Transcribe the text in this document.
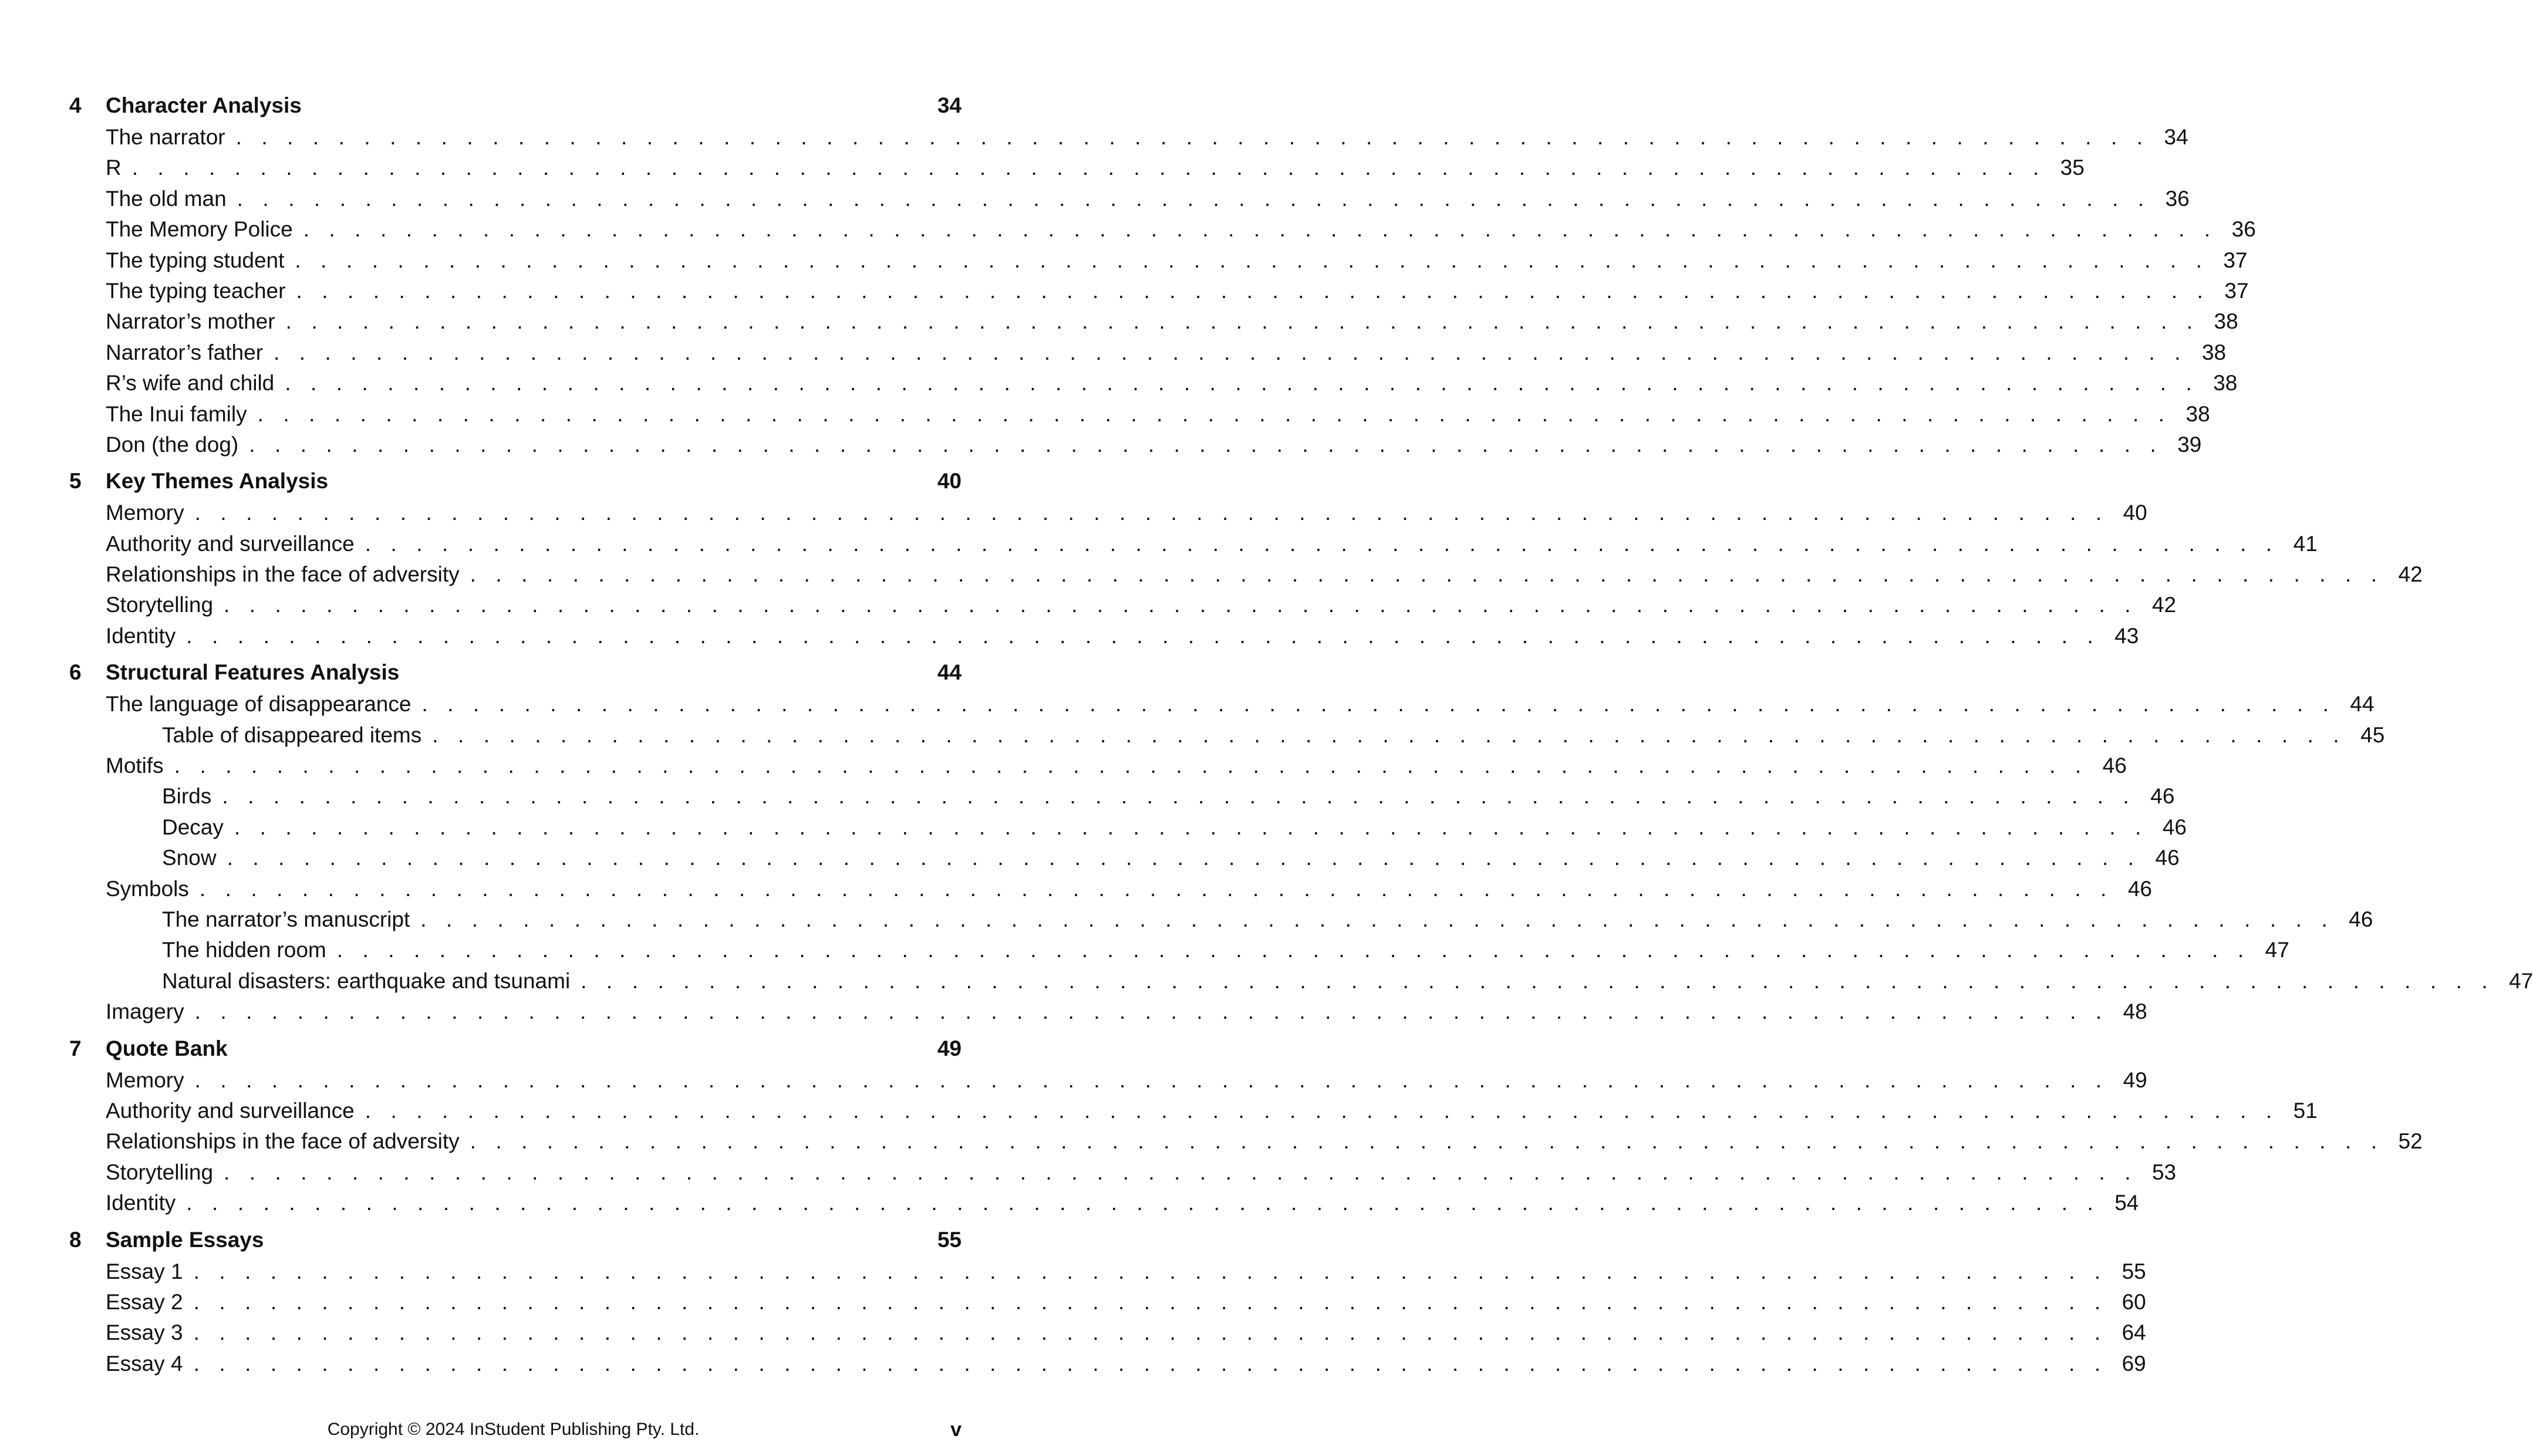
4	Character Analysis	34
The narrator . . . . . . . . . . . . . . . . . . . . . . . . . . . . . . . . . . . . . . . . . . . . . . . . . . . . . . . . . . . . . . . . . . . . . . . . . . . 34
R . . . . . . . . . . . . . . . . . . . . . . . . . . . . . . . . . . . . . . . . . . . . . . . . . . . . . . . . . . . . . . . . . . . . . . . . . . . 35
The old man . . . . . . . . . . . . . . . . . . . . . . . . . . . . . . . . . . . . . . . . . . . . . . . . . . . . . . . . . . . . . . . . . . . . . . . . . . . 36
The Memory Police . . . . . . . . . . . . . . . . . . . . . . . . . . . . . . . . . . . . . . . . . . . . . . . . . . . . . . . . . . . . . . . . . . . . . . . . . . . 36
The typing student . . . . . . . . . . . . . . . . . . . . . . . . . . . . . . . . . . . . . . . . . . . . . . . . . . . . . . . . . . . . . . . . . . . . . . . . . . . 37
The typing teacher . . . . . . . . . . . . . . . . . . . . . . . . . . . . . . . . . . . . . . . . . . . . . . . . . . . . . . . . . . . . . . . . . . . . . . . . . . . 37
Narrator’s mother . . . . . . . . . . . . . . . . . . . . . . . . . . . . . . . . . . . . . . . . . . . . . . . . . . . . . . . . . . . . . . . . . . . . . . . . . . . 38
Narrator’s father . . . . . . . . . . . . . . . . . . . . . . . . . . . . . . . . . . . . . . . . . . . . . . . . . . . . . . . . . . . . . . . . . . . . . . . . . . . 38
R’s wife and child . . . . . . . . . . . . . . . . . . . . . . . . . . . . . . . . . . . . . . . . . . . . . . . . . . . . . . . . . . . . . . . . . . . . . . . . . . . 38
The Inui family . . . . . . . . . . . . . . . . . . . . . . . . . . . . . . . . . . . . . . . . . . . . . . . . . . . . . . . . . . . . . . . . . . . . . . . . . . . 38
Don (the dog) . . . . . . . . . . . . . . . . . . . . . . . . . . . . . . . . . . . . . . . . . . . . . . . . . . . . . . . . . . . . . . . . . . . . . . . . . . . 39
5	Key Themes Analysis	40
Memory . . . . . . . . . . . . . . . . . . . . . . . . . . . . . . . . . . . . . . . . . . . . . . . . . . . . . . . . . . . . . . . . . . . . . . . . . . . 40
Authority and surveillance . . . . . . . . . . . . . . . . . . . . . . . . . . . . . . . . . . . . . . . . . . . . . . . . . . . . . . . . . . . . . . . . . . . . . . . . . . . 41
Relationships in the face of adversity . . . . . . . . . . . . . . . . . . . . . . . . . . . . . . . . . . . . . . . . . . . . . . . . . . . . . . . . . . . . . . . . . . . . . . . . . . . 42
Storytelling . . . . . . . . . . . . . . . . . . . . . . . . . . . . . . . . . . . . . . . . . . . . . . . . . . . . . . . . . . . . . . . . . . . . . . . . . . . 42
Identity . . . . . . . . . . . . . . . . . . . . . . . . . . . . . . . . . . . . . . . . . . . . . . . . . . . . . . . . . . . . . . . . . . . . . . . . . . . 43
6	Structural Features Analysis	44
The language of disappearance . . . . . . . . . . . . . . . . . . . . . . . . . . . . . . . . . . . . . . . . . . . . . . . . . . . . . . . . . . . . . . . . . . . . . . . . . . . 44
Table of disappeared items . . . . . . . . . . . . . . . . . . . . . . . . . . . . . . . . . . . . . . . . . . . . . . . . . . . . . . . . . . . . . . . . . . . . . . . . . . . 45
Motifs . . . . . . . . . . . . . . . . . . . . . . . . . . . . . . . . . . . . . . . . . . . . . . . . . . . . . . . . . . . . . . . . . . . . . . . . . . . 46
Birds . . . . . . . . . . . . . . . . . . . . . . . . . . . . . . . . . . . . . . . . . . . . . . . . . . . . . . . . . . . . . . . . . . . . . . . . . . . 46
Decay . . . . . . . . . . . . . . . . . . . . . . . . . . . . . . . . . . . . . . . . . . . . . . . . . . . . . . . . . . . . . . . . . . . . . . . . . . . 46
Snow . . . . . . . . . . . . . . . . . . . . . . . . . . . . . . . . . . . . . . . . . . . . . . . . . . . . . . . . . . . . . . . . . . . . . . . . . . . 46
Symbols . . . . . . . . . . . . . . . . . . . . . . . . . . . . . . . . . . . . . . . . . . . . . . . . . . . . . . . . . . . . . . . . . . . . . . . . . . . 46
The narrator’s manuscript . . . . . . . . . . . . . . . . . . . . . . . . . . . . . . . . . . . . . . . . . . . . . . . . . . . . . . . . . . . . . . . . . . . . . . . . . . . 46
The hidden room . . . . . . . . . . . . . . . . . . . . . . . . . . . . . . . . . . . . . . . . . . . . . . . . . . . . . . . . . . . . . . . . . . . . . . . . . . . 47
Natural disasters: earthquake and tsunami . . . . . . . . . . . . . . . . . . . . . . . . . . . . . . . . . . . . . . . . . . . . . . . . . . . . . . . . . . . . . . . . . . . . . . . . . . . 47
Imagery . . . . . . . . . . . . . . . . . . . . . . . . . . . . . . . . . . . . . . . . . . . . . . . . . . . . . . . . . . . . . . . . . . . . . . . . . . . 48
7	Quote Bank	49
Memory . . . . . . . . . . . . . . . . . . . . . . . . . . . . . . . . . . . . . . . . . . . . . . . . . . . . . . . . . . . . . . . . . . . . . . . . . . . 49
Authority and surveillance . . . . . . . . . . . . . . . . . . . . . . . . . . . . . . . . . . . . . . . . . . . . . . . . . . . . . . . . . . . . . . . . . . . . . . . . . . . 51
Relationships in the face of adversity . . . . . . . . . . . . . . . . . . . . . . . . . . . . . . . . . . . . . . . . . . . . . . . . . . . . . . . . . . . . . . . . . . . . . . . . . . . 52
Storytelling . . . . . . . . . . . . . . . . . . . . . . . . . . . . . . . . . . . . . . . . . . . . . . . . . . . . . . . . . . . . . . . . . . . . . . . . . . . 53
Identity . . . . . . . . . . . . . . . . . . . . . . . . . . . . . . . . . . . . . . . . . . . . . . . . . . . . . . . . . . . . . . . . . . . . . . . . . . . 54
8	Sample Essays	55
Essay 1 . . . . . . . . . . . . . . . . . . . . . . . . . . . . . . . . . . . . . . . . . . . . . . . . . . . . . . . . . . . . . . . . . . . . . . . . . . . 55
Essay 2 . . . . . . . . . . . . . . . . . . . . . . . . . . . . . . . . . . . . . . . . . . . . . . . . . . . . . . . . . . . . . . . . . . . . . . . . . . . 60
Essay 3 . . . . . . . . . . . . . . . . . . . . . . . . . . . . . . . . . . . . . . . . . . . . . . . . . . . . . . . . . . . . . . . . . . . . . . . . . . . 64
Essay 4 . . . . . . . . . . . . . . . . . . . . . . . . . . . . . . . . . . . . . . . . . . . . . . . . . . . . . . . . . . . . . . . . . . . . . . . . . . . 69
Copyright © 2024 InStudent Publishing Pty. Ltd.	v
